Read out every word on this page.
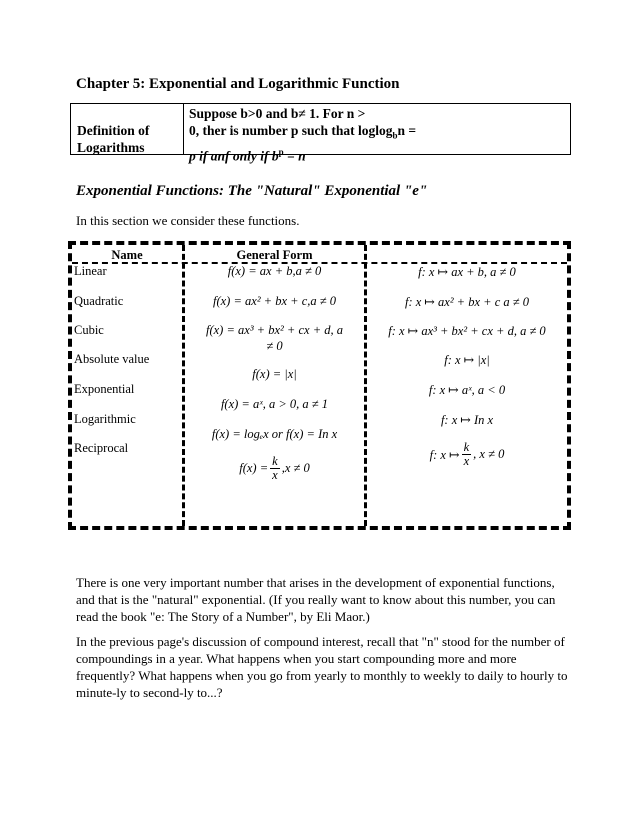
Chapter 5: Exponential and Logarithmic Function
Definition of
Logarithms
Suppose b>0 and b≠ 1. For n >
0, ther is number p such that loglog$_b$n =
p if anf only if $b^p = n$
Exponential Functions: The "Natural" Exponential "e"
In this section we consider these functions.
Name	General Form
Linear
Quadratic
Cubic
Absolute value
Exponential
Logarithmic
Reciprocal
f(x) = ax + b,a ≠ 0
f(x) = ax² + bx + c,a ≠ 0
f(x) = ax³ + bx² + cx + d, a
≠ 0
f(x) = |x|
f(x) = aˣ, a > 0, a ≠ 1
f(x) = logₑx or f(x) = In x
$f(x) = \frac{k}{x} ,x \ne 0$
f: x ↦ ax + b, a ≠ 0
f: x ↦ ax² + bx + c a ≠ 0
f: x ↦ ax³ + bx² + cx + d, a ≠ 0
f: x ↦ |x|
f: x ↦ aˣ, a < 0
f: x ↦ In x
f: x ↦ $\frac{k}{x}$ , x ≠ 0
There is one very important number that arises in the development of exponential functions, and that is the "natural" exponential. (If you really want to know about this number, you can read the book "e: The Story of a Number", by Eli Maor.)
In the previous page's discussion of compound interest, recall that "n" stood for the number of compoundings in a year. What happens when you start compounding more and more frequently? What happens when you go from yearly to monthly to weekly to daily to hourly to minute-ly to second-ly to...?
